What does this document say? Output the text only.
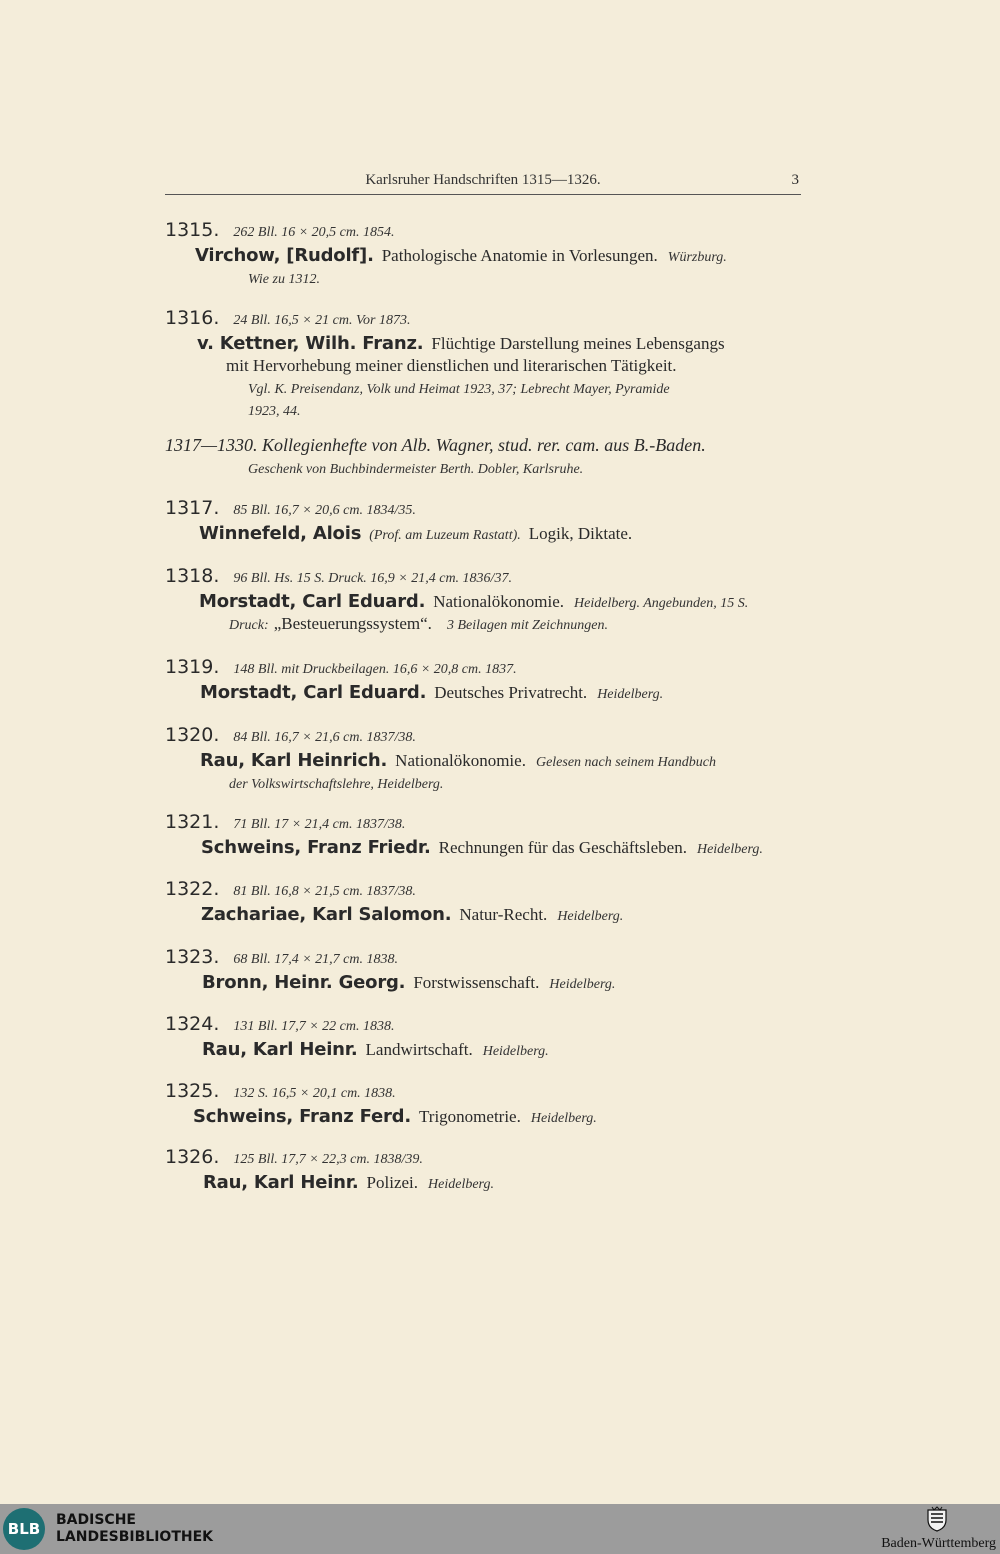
Karlsruher Handschriften 1315—1326.	3
1315. 262 Bll. 16 × 20,5 cm. 1854.
Virchow, [Rudolf]. Pathologische Anatomie in Vorlesungen. Würzburg.
Wie zu 1312.
1316. 24 Bll. 16,5 × 21 cm. Vor 1873.
v. Kettner, Wilh. Franz. Flüchtige Darstellung meines Lebensgangs
mit Hervorhebung meiner dienstlichen und literarischen Tätigkeit.
Vgl. K. Preisendanz, Volk und Heimat 1923, 37; Lebrecht Mayer, Pyramide
1923, 44.
1317—1330. Kollegienhefte von Alb. Wagner, stud. rer. cam. aus B.-Baden.
Geschenk von Buchbindermeister Berth. Dobler, Karlsruhe.
1317. 85 Bll. 16,7 × 20,6 cm. 1834/35.
Winnefeld, Alois (Prof. am Luzeum Rastatt). Logik, Diktate.
1318. 96 Bll. Hs. 15 S. Druck. 16,9 × 21,4 cm. 1836/37.
Morstadt, Carl Eduard. Nationalökonomie. Heidelberg. Angebunden, 15 S.
Druck: „Besteuerungssystem“. 3 Beilagen mit Zeichnungen.
1319. 148 Bll. mit Druckbeilagen. 16,6 × 20,8 cm. 1837.
Morstadt, Carl Eduard. Deutsches Privatrecht. Heidelberg.
1320. 84 Bll. 16,7 × 21,6 cm. 1837/38.
Rau, Karl Heinrich. Nationalökonomie. Gelesen nach seinem Handbuch
der Volkswirtschaftslehre, Heidelberg.
1321. 71 Bll. 17 × 21,4 cm. 1837/38.
Schweins, Franz Friedr. Rechnungen für das Geschäftsleben. Heidelberg.
1322. 81 Bll. 16,8 × 21,5 cm. 1837/38.
Zachariae, Karl Salomon. Natur-Recht. Heidelberg.
1323. 68 Bll. 17,4 × 21,7 cm. 1838.
Bronn, Heinr. Georg. Forstwissenschaft. Heidelberg.
1324. 131 Bll. 17,7 × 22 cm. 1838.
Rau, Karl Heinr. Landwirtschaft. Heidelberg.
1325. 132 S. 16,5 × 20,1 cm. 1838.
Schweins, Franz Ferd. Trigonometrie. Heidelberg.
1326. 125 Bll. 17,7 × 22,3 cm. 1838/39.
Rau, Karl Heinr. Polizei. Heidelberg.
BLB	BADISCHE
LANDESBIBLIOTHEK	Baden-Württemberg
